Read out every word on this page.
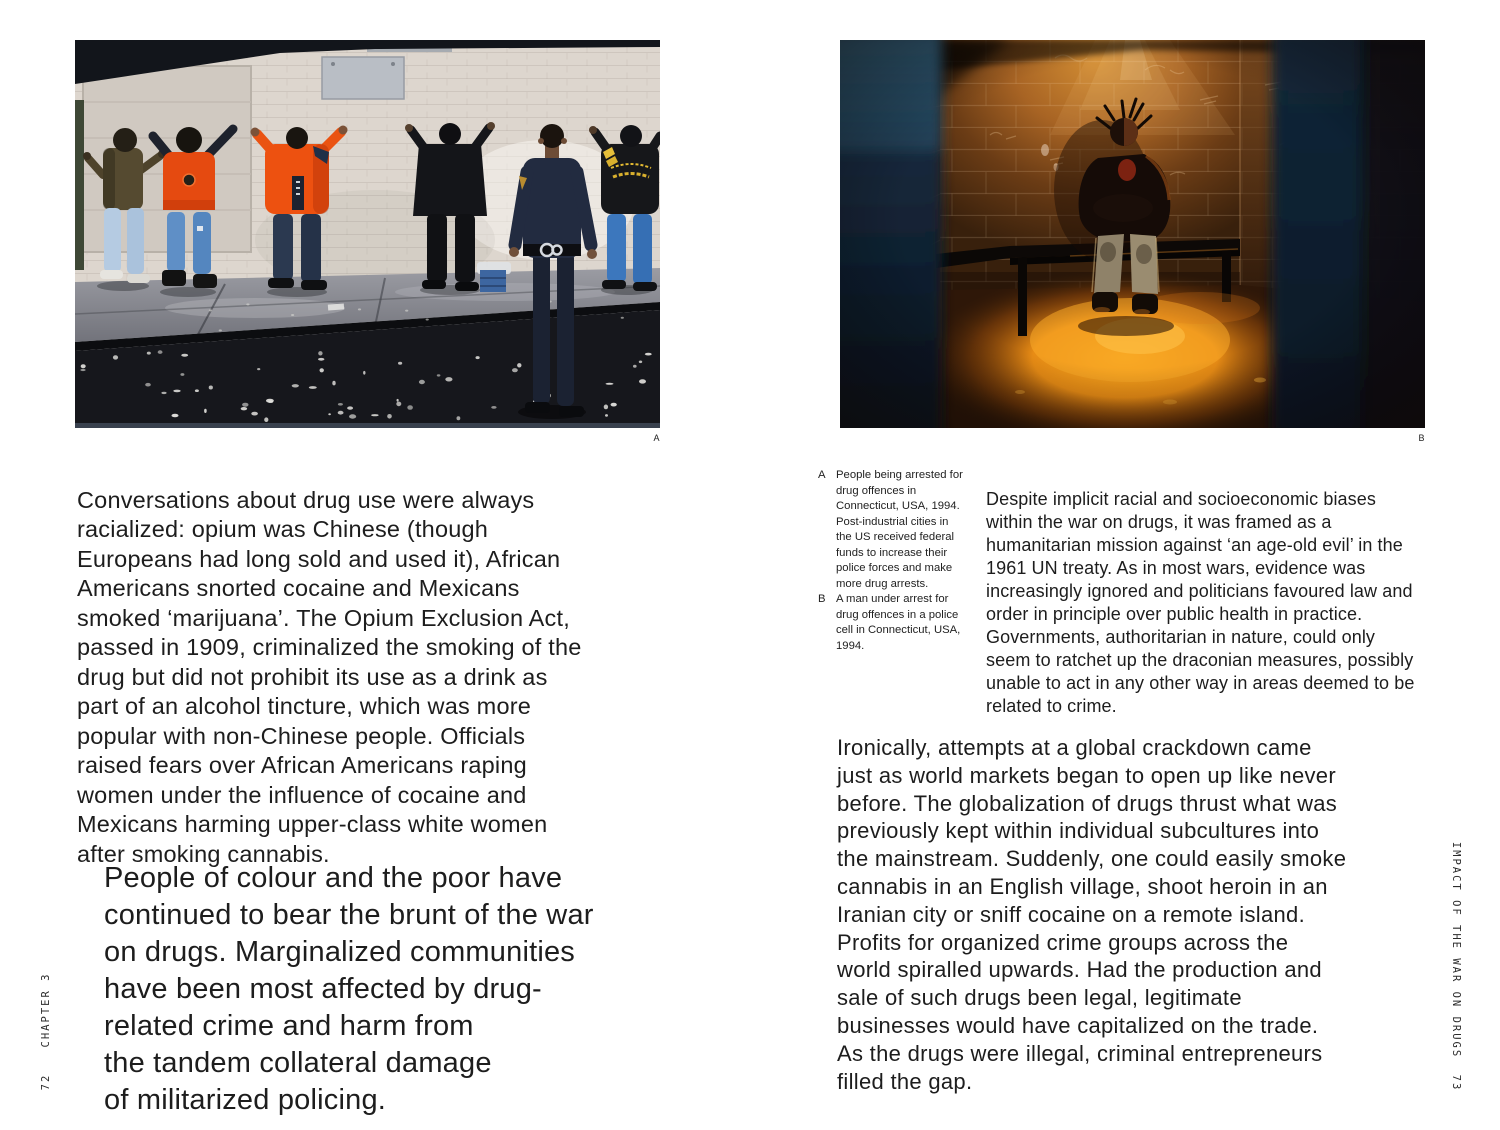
A	B

Conversations about drug use were always racialized: opium was Chinese (though Europeans had long sold and used it), African Americans snorted cocaine and Mexicans smoked ‘marijuana’. The Opium Exclusion Act, passed in 1909, criminalized the smoking of the drug but did not prohibit its use as a drink as part of an alcohol tincture, which was more popular with non-Chinese people. Officials raised fears over African Americans raping women under the influence of cocaine and Mexicans harming upper-class white women after smoking cannabis.

People of colour and the poor have
continued to bear the brunt of the war
on drugs. Marginalized communities
have been most affected by drug-
related crime and harm from
the tandem collateral damage
of militarized policing.
A People being arrested for drug offences in Connecticut, USA, 1994. Post-industrial cities in the US received federal funds to increase their police forces and make more drug arrests.
B A man under arrest for drug offences in a police cell in Connecticut, USA, 1994.

Despite implicit racial and socioeconomic biases within the war on drugs, it was framed as a humanitarian mission against ‘an age-old evil’ in the 1961 UN treaty. As in most wars, evidence was increasingly ignored and politicians favoured law and order in principle over public health in practice. Governments, authoritarian in nature, could only seem to ratchet up the draconian measures, possibly unable to act in any other way in areas deemed to be related to crime.

Ironically, attempts at a global crackdown came just as world markets began to open up like never before. The globalization of drugs thrust what was previously kept within individual subcultures into the mainstream. Suddenly, one could easily smoke cannabis in an English village, shoot heroin in an Iranian city or sniff cocaine on a remote island. Profits for organized crime groups across the world spiralled upwards. Had the production and sale of such drugs been legal, legitimate businesses would have capitalized on the trade. As the drugs were illegal, criminal entrepreneurs filled the gap.

CHAPTER 3
72
IMPACT OF THE WAR ON DRUGS
73
